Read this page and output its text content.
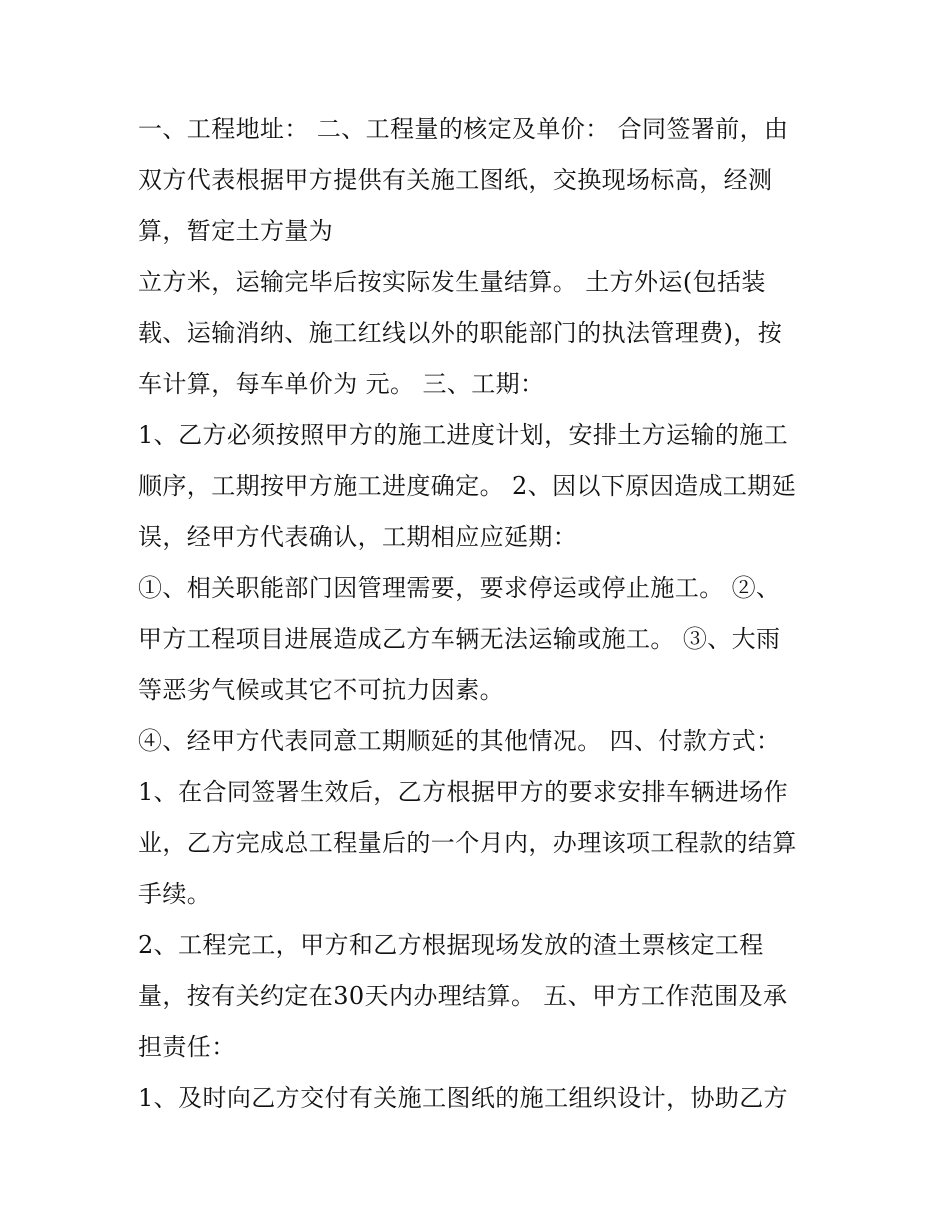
一、工程地址： 二、工程量的核定及单价： 合同签署前，由
双方代表根据甲方提供有关施工图纸，交换现场标高，经测
算，暂定土方量为
立方米，运输完毕后按实际发生量结算。 土方外运(包括装
载、运输消纳、施工红线以外的职能部门的执法管理费)，按
车计算，每车单价为 元。 三、工期：
1、乙方必须按照甲方的施工进度计划，安排土方运输的施工
顺序，工期按甲方施工进度确定。 2、因以下原因造成工期延
误，经甲方代表确认，工期相应应延期：
①、相关职能部门因管理需要，要求停运或停止施工。 ②、
甲方工程项目进展造成乙方车辆无法运输或施工。 ③、大雨
等恶劣气候或其它不可抗力因素。
④、经甲方代表同意工期顺延的其他情况。 四、付款方式：
1、在合同签署生效后，乙方根据甲方的要求安排车辆进场作
业，乙方完成总工程量后的一个月内，办理该项工程款的结算
手续。
2、工程完工，甲方和乙方根据现场发放的渣土票核定工程
量，按有关约定在30天内办理结算。 五、甲方工作范围及承
担责任：
1、及时向乙方交付有关施工图纸的施工组织设计，协助乙方
